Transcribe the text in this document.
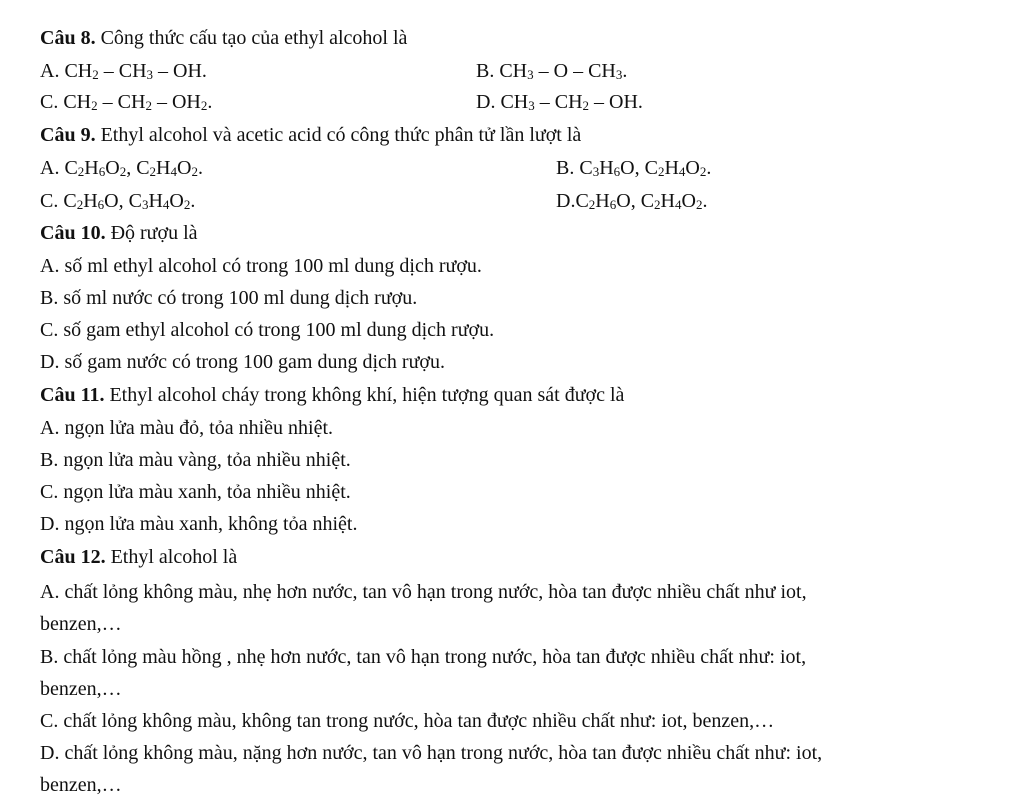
Câu 8. Công thức cấu tạo của ethyl alcohol là
A. $CH_2 - CH_3$ – OH.	B. $CH_3$ – O – $CH_3$.
C. $CH_2 - CH_2 - OH_2$.	D. $CH_3 - CH_2$ – OH.
Câu 9. Ethyl alcohol và acetic acid có công thức phân tử lần lượt là
A. $C_2H_6O_2$, $C_2H_4O_2$.	B. $C_3H_6O$, $C_2H_4O_2$.
C. $C_2H_6O$, $C_3H_4O_2$.	$D.C_2H_6O$, $C_2H_4O_2$.
Câu 10. Độ rượu là
A. số ml ethyl alcohol có trong 100 ml dung dịch rượu.
B. số ml nước có trong 100 ml dung dịch rượu.
C. số gam ethyl alcohol có trong 100 ml dung dịch rượu.
D. số gam nước có trong 100 gam dung dịch rượu.
Câu 11. Ethyl alcohol cháy trong không khí, hiện tượng quan sát được là
A. ngọn lửa màu đỏ, tỏa nhiều nhiệt.
B. ngọn lửa màu vàng, tỏa nhiều nhiệt.
C. ngọn lửa màu xanh, tỏa nhiều nhiệt.
D. ngọn lửa màu xanh, không tỏa nhiệt.
Câu 12. Ethyl alcohol là
A. chất lỏng không màu, nhẹ hơn nước, tan vô hạn trong nước, hòa tan được nhiều chất như iot,
benzen,…
B. chất lỏng màu hồng , nhẹ hơn nước, tan vô hạn trong nước, hòa tan được nhiều chất như: iot,
benzen,…
C. chất lỏng không màu, không tan trong nước, hòa tan được nhiều chất như: iot, benzen,…
D. chất lỏng không màu, nặng hơn nước, tan vô hạn trong nước, hòa tan được nhiều chất như: iot,
benzen,…
